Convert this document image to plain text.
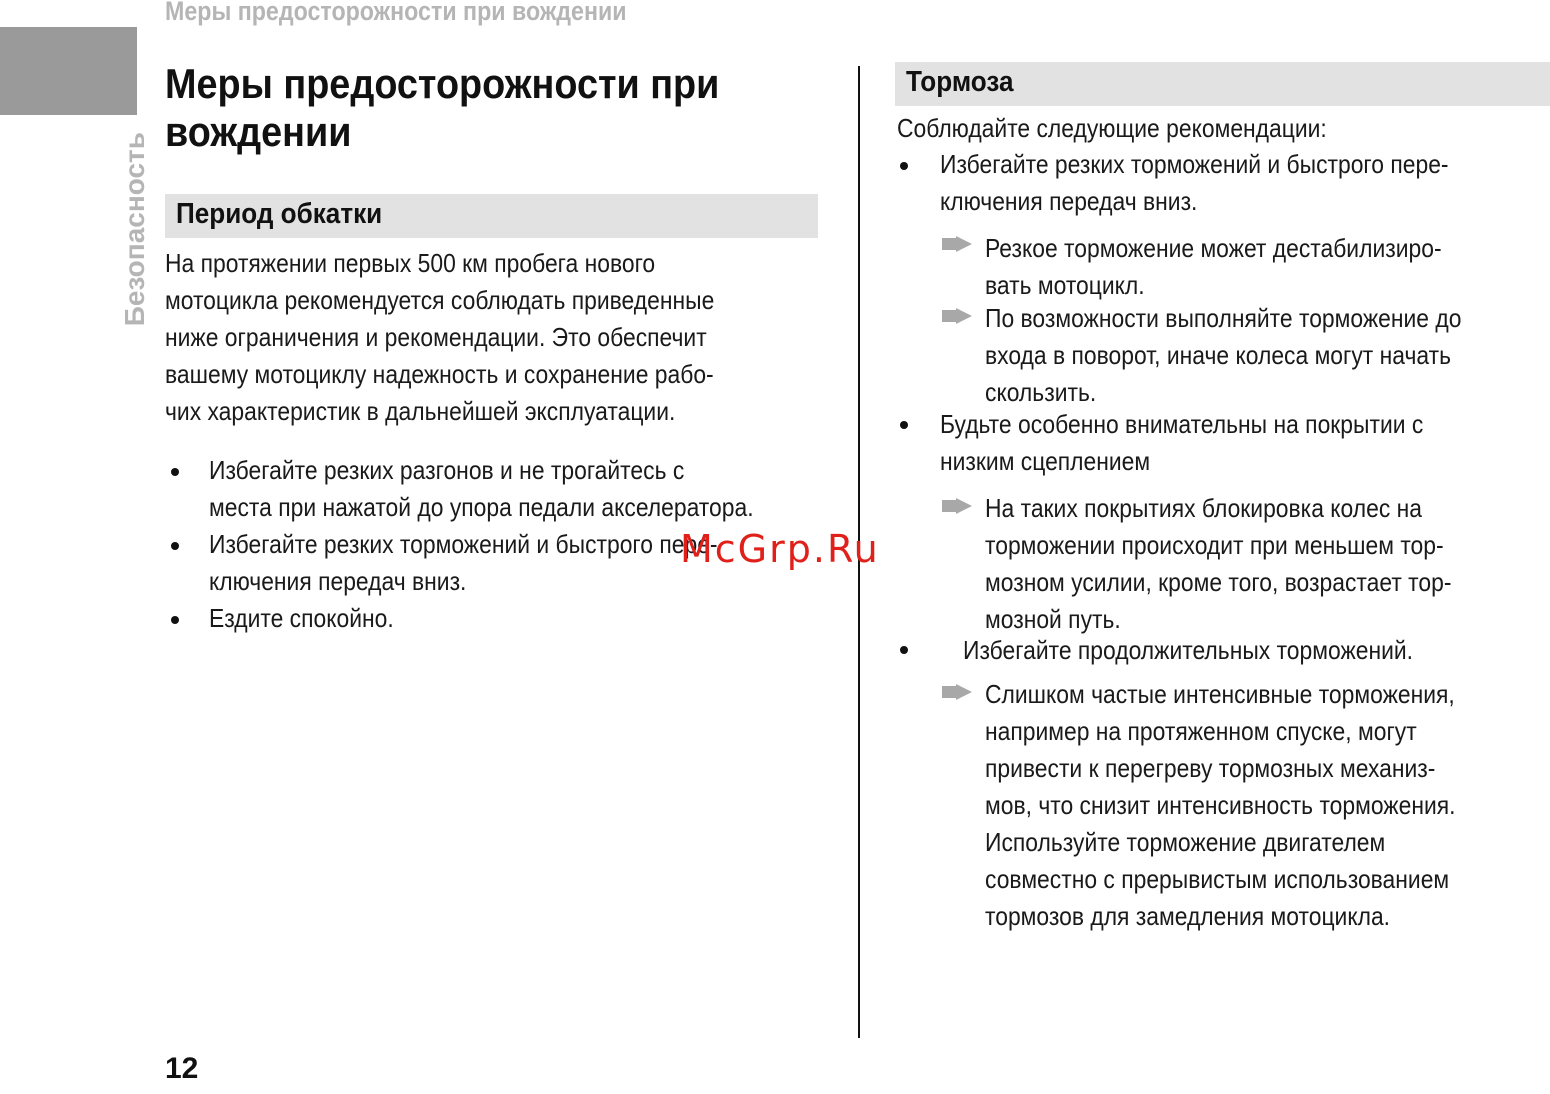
Меры предосторожности при вождении
Безопасность
Меры предосторожности при
вождении
Период обкатки
На протяжении первых 500 км пробега нового
мотоцикла рекомендуется соблюдать приведенные
ниже ограничения и рекомендации. Это обеспечит
вашему мотоциклу надежность и сохранение рабо-
чих характеристик в дальнейшей эксплуатации.
Избегайте резких разгонов и не трогайтесь с
места при нажатой до упора педали акселератора.
Избегайте резких торможений и быстрого пере-
ключения передач вниз.
Ездите спокойно.
Тормоза
Соблюдайте следующие рекомендации:
Избегайте резких торможений и быстрого пере-
ключения передач вниз.
Резкое торможение может дестабилизиро-
вать мотоцикл.
По возможности выполняйте торможение до
входа в поворот, иначе колеса могут начать
скользить.
Будьте особенно внимательны на покрытии с
низким сцеплением
На таких покрытиях блокировка колес на
торможении происходит при меньшем тор-
мозном усилии, кроме того, возрастает тор-
мозной путь.
Избегайте продолжительных торможений.
Слишком частые интенсивные торможения,
например на протяженном спуске, могут
привести к перегреву тормозных механиз-
мов, что снизит интенсивность торможения.
Используйте торможение двигателем
совместно с прерывистым использованием
тормозов для замедления мотоцикла.
McGrp.Ru
12
